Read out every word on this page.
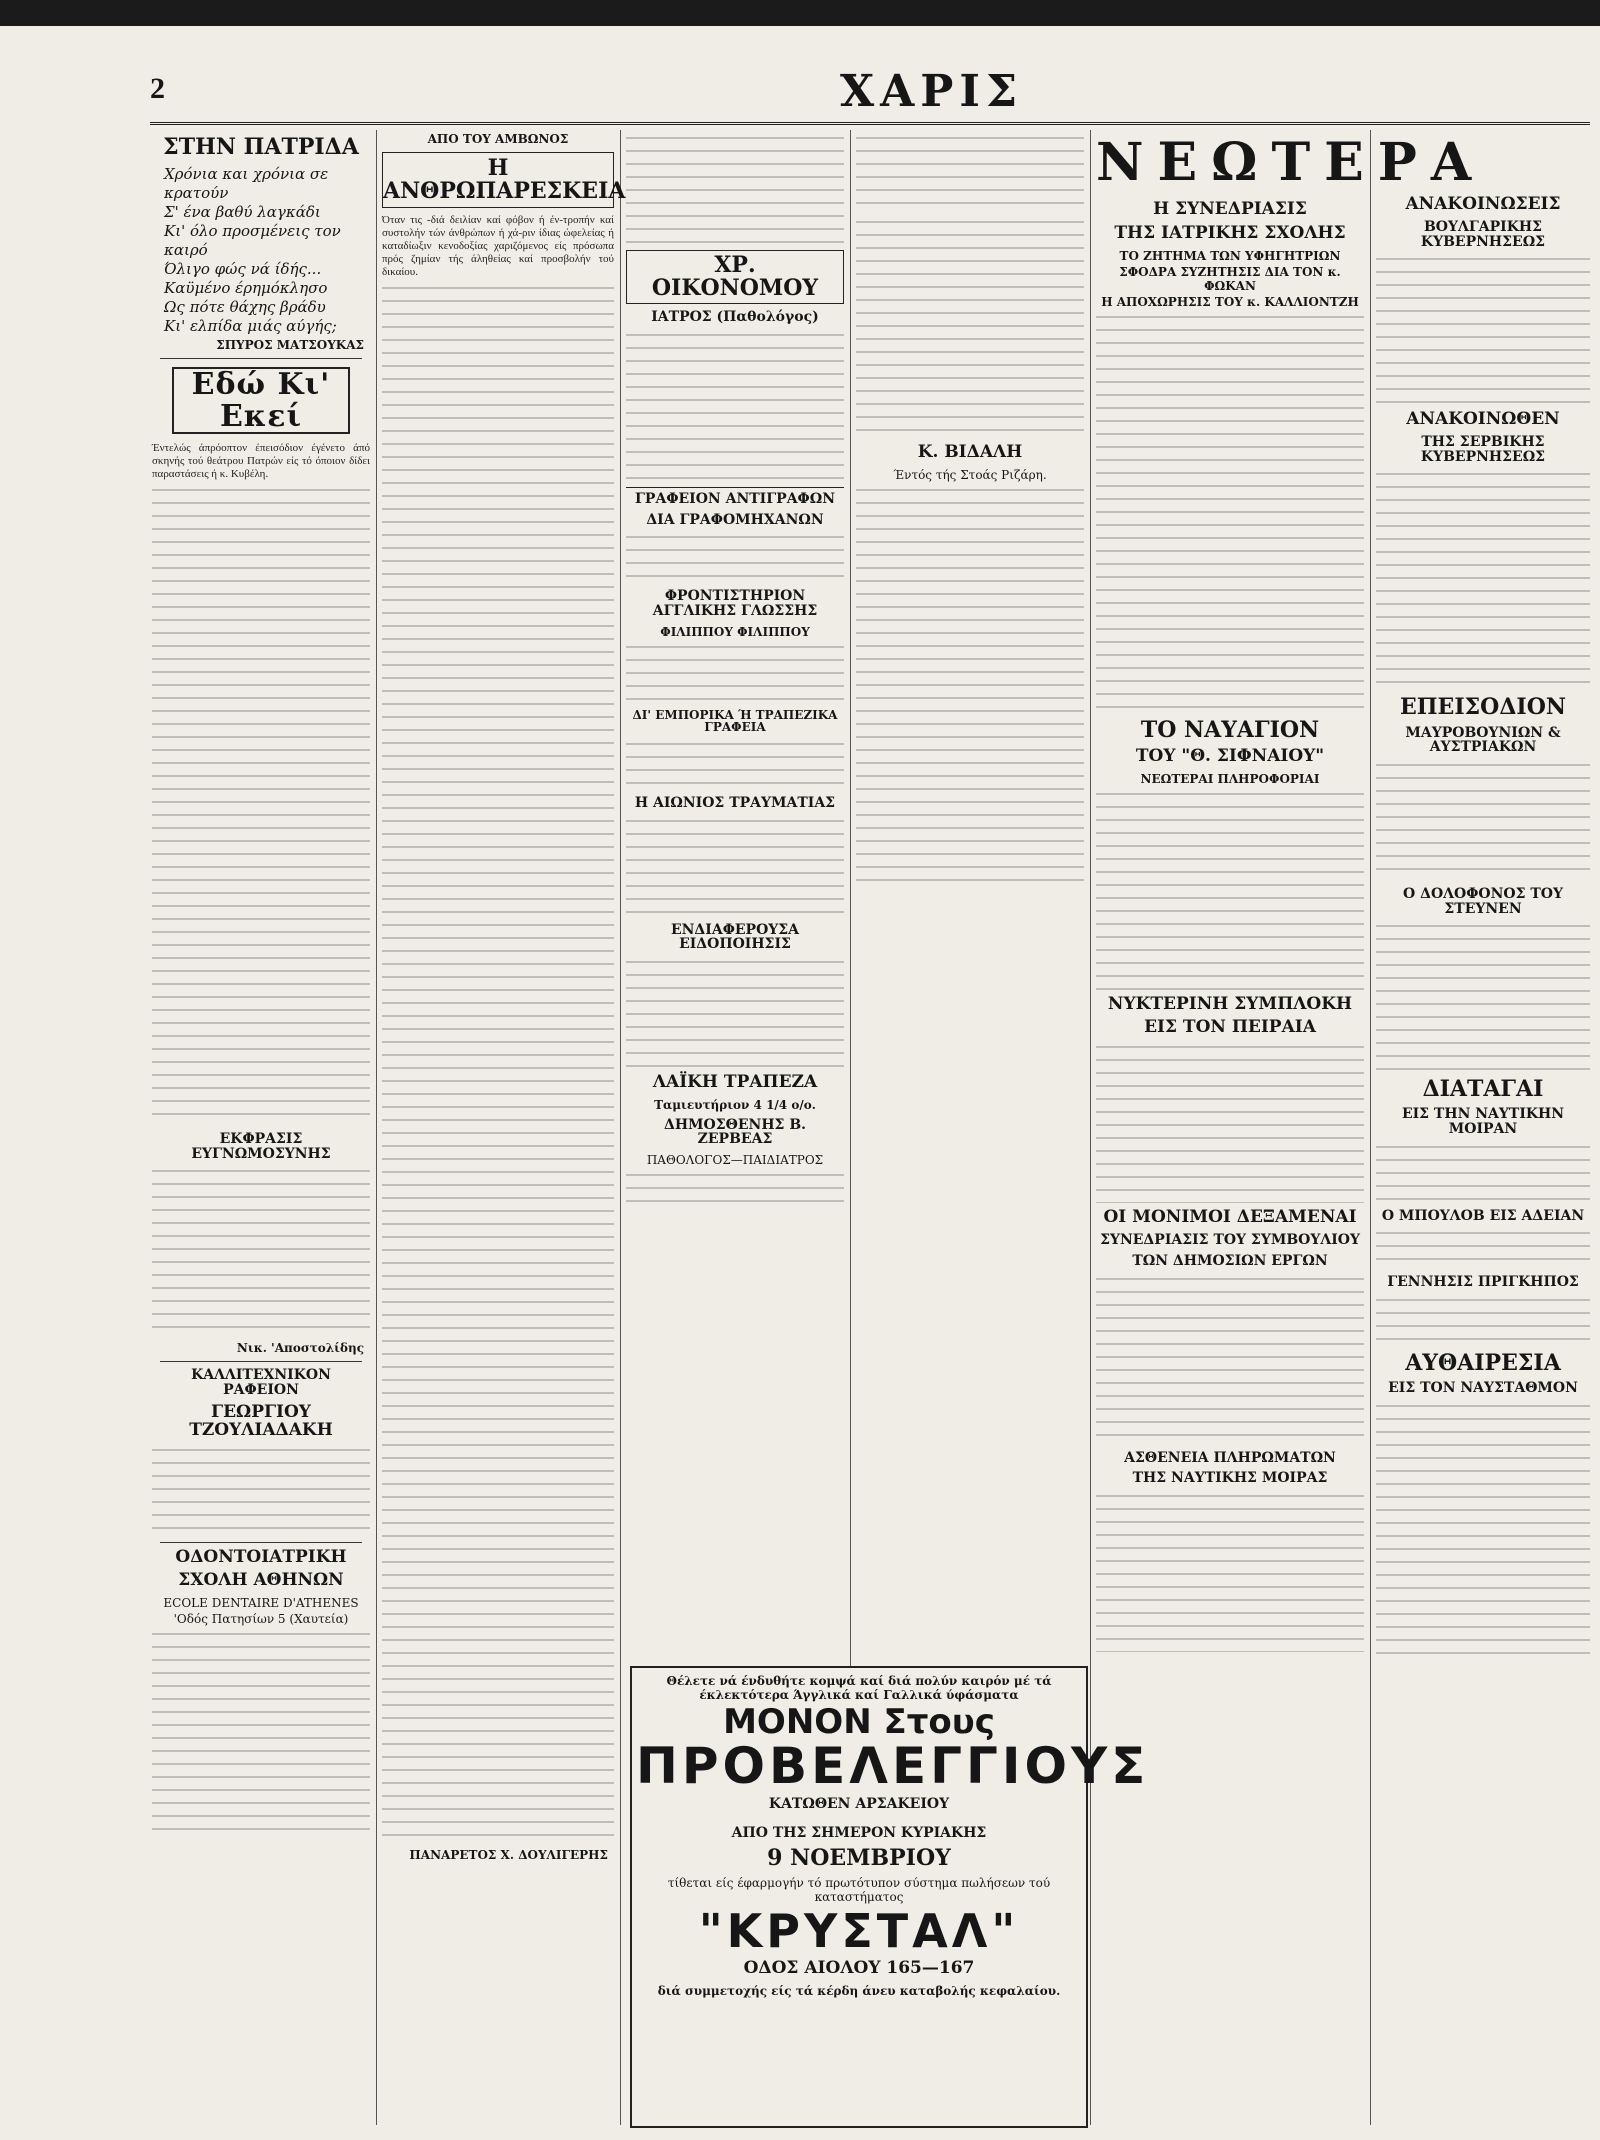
2	ΧΑΡΙΣ
ΣΤΗΝ ΠΑΤΡΙΔΑ
Χρόνια και χρόνια σε κρατούν
Σ' ένα βαθύ λαγκάδι
Κι' όλο προσμένεις τον καιρό
Όλιγο φώς νά ίδής...
Καϋμένο έρημόκλησο
Ως πότε θάχης βράδυ
Κι' ελπίδα μιάς αύγής;
ΣΠΥΡΟΣ ΜΑΤΣΟΥΚΑΣ
Εδώ Κι' Εκεί

Έντελώς άπρόοπτον έπεισόδιον έγένετο άπό σκηνής τού θεάτρου Πατρών είς τό όποιον δίδει παραστάσεις ή κ. Κυβέλη.

ΕΚΦΡΑΣΙΣ ΕΥΓΝΩΜΟΣΥΝΗΣ
Νικ. 'Αποστολίδης
ΚΑΛΛΙΤΕΧΝΙΚΟΝ ΡΑΦΕΙΟΝ
ΓΕΩΡΓΙΟΥ ΤΖΟΥΛΙΑΔΑΚΗ
ΟΔΟΝΤΟΙΑΤΡΙΚΗ
ΣΧΟΛΗ ΑΘΗΝΩΝ
ECOLE DENTAIRE D'ATHENES
'Οδός Πατησίων 5 (Χαυτεία)
ΑΠΟ ΤΟΥ ΑΜΒΩΝΟΣ
Η ΑΝΘΡΩΠΑΡΕΣΚΕΙΑ

Όταν τις -διά δειλίαν καί φόβον ή έν-τροπήν καί συστολήν τών άνθρώπων ή χά-ριν ίδιας ώφελείας ή καταδίωξιν κενοδοξίας χαριζόμενος είς πρόσωπα πρός ζημίαν τής άληθείας καί προσβολήν τού δικαίου.

ΠΑΝΑΡΕΤΟΣ Χ. ΔΟΥΛΙΓΕΡΗΣ
ΧΡ. ΟΙΚΟΝΟΜΟΥ
ΙΑΤΡΟΣ (Παθολόγος)
ΓΡΑΦΕΙΟΝ ΑΝΤΙΓΡΑΦΩΝ
ΔΙΑ ΓΡΑΦΟΜΗΧΑΝΩΝ
ΦΡΟΝΤΙΣΤΗΡΙΟΝ ΑΓΓΛΙΚΗΣ ΓΛΩΣΣΗΣ
ΦΙΛΙΠΠΟΥ ΦΙΛΙΠΠΟΥ
ΔΙ' ΕΜΠΟΡΙΚΑ Ή ΤΡΑΠΕΖΙΚΑ ΓΡΑΦΕΙΑ
Η ΑΙΩΝΙΟΣ ΤΡΑΥΜΑΤΙΑΣ
ΕΝΔΙΑΦΕΡΟΥΣΑ ΕΙΔΟΠΟΙΗΣΙΣ
ΛΑΪΚΗ ΤΡΑΠΕΖΑ
Ταμιευτήριον 4 1/4 ο/ο.
ΔΗΜΟΣΘΕΝΗΣ Β. ΖΕΡΒΕΑΣ
ΠΑΘΟΛΟΓΟΣ—ΠΑΙΔΙΑΤΡΟΣ
Κ. ΒΙΔΑΛΗ
Έντός τής Στοάς Ριζάρη.
Θέλετε νά ένδυθήτε κομψά καί διά πολύν καιρόν μέ τά έκλεκτότερα Άγγλικά καί Γαλλικά ύφάσματα
ΜΟΝΟΝ Στους
ΠΡΟΒΕΛΕΓΓΙΟΥΣ
ΚΑΤΩΘΕΝ ΑΡΣΑΚΕΙΟΥ
ΑΠΟ ΤΗΣ ΣΗΜΕΡΟΝ ΚΥΡΙΑΚΗΣ
9 ΝΟΕΜΒΡΙΟΥ
τίθεται είς έφαρμογήν τό πρωτότυπον σύστημα πωλήσεων τού καταστήματος
"ΚΡΥΣΤΑΛ"
ΟΔΟΣ ΑΙΟΛΟΥ 165—167
διά συμμετοχής είς τά κέρδη άνευ καταβολής κεφαλαίου.
ΝΕΩΤΕΡΑ
Η ΣΥΝΕΔΡΙΑΣΙΣ
ΤΗΣ ΙΑΤΡΙΚΗΣ ΣΧΟΛΗΣ
ΤΟ ΖΗΤΗΜΑ ΤΩΝ ΥΦΗΓΗΤΡΙΩΝ
ΣΦΟΔΡΑ ΣΥΖΗΤΗΣΙΣ ΔΙΑ ΤΟΝ κ. ΦΩΚΑΝ
Η ΑΠΟΧΩΡΗΣΙΣ ΤΟΥ κ. ΚΑΛΛΙΟΝΤΖΗ
ΤΟ ΝΑΥΑΓΙΟΝ
ΤΟΥ "Θ. ΣΙΦΝΑΙΟΥ"
ΝΕΩΤΕΡΑΙ ΠΛΗΡΟΦΟΡΙΑΙ
ΝΥΚΤΕΡΙΝΗ ΣΥΜΠΛΟΚΗ
ΕΙΣ ΤΟΝ ΠΕΙΡΑΙΑ
ΟΙ ΜΟΝΙΜΟΙ ΔΕΞΑΜΕΝΑΙ
ΣΥΝΕΔΡΙΑΣΙΣ ΤΟΥ ΣΥΜΒΟΥΛΙΟΥ
ΤΩΝ ΔΗΜΟΣΙΩΝ ΕΡΓΩΝ
ΑΣΘΕΝΕΙΑ ΠΛΗΡΩΜΑΤΩΝ
ΤΗΣ ΝΑΥΤΙΚΗΣ ΜΟΙΡΑΣ
ΑΝΑΚΟΙΝΩΣΕΙΣ
ΒΟΥΛΓΑΡΙΚΗΣ ΚΥΒΕΡΝΗΣΕΩΣ
ΑΝΑΚΟΙΝΩΘΕΝ
ΤΗΣ ΣΕΡΒΙΚΗΣ ΚΥΒΕΡΝΗΣΕΩΣ
ΕΠΕΙΣΟΔΙΟΝ
ΜΑΥΡΟΒΟΥΝΙΩΝ & ΑΥΣΤΡΙΑΚΩΝ
Ο ΔΟΛΟΦΟΝΟΣ ΤΟΥ ΣΤΕΥΝΕΝ
ΔΙΑΤΑΓΑΙ
ΕΙΣ ΤΗΝ ΝΑΥΤΙΚΗΝ ΜΟΙΡΑΝ
Ο ΜΠΟΥΛΟΒ ΕΙΣ ΑΔΕΙΑΝ
ΓΕΝΝΗΣΙΣ ΠΡΙΓΚΗΠΟΣ
ΑΥΘΑΙΡΕΣΙΑ
ΕΙΣ ΤΟΝ ΝΑΥΣΤΑΘΜΟΝ
